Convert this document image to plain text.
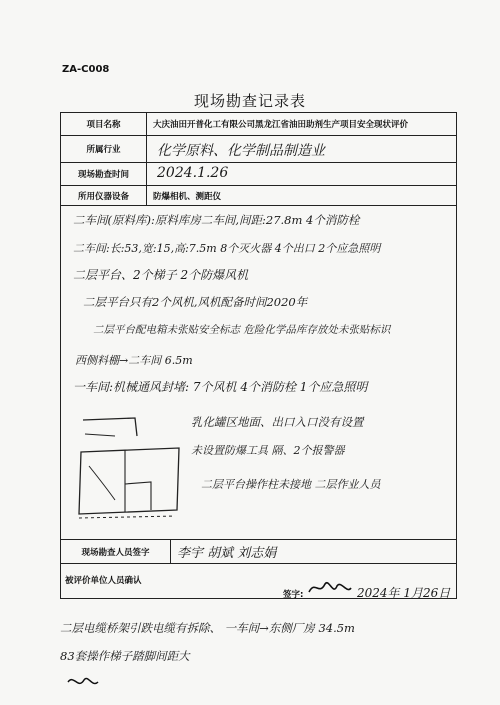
ZA-C008
现场勘查记录表
项目名称	大庆油田开普化工有限公司黑龙江省油田助剂生产项目安全现状评价
所属行业	化学原料、化学制品制造业
现场勘查时间	2024.1.26
所用仪器设备	防爆相机、测距仪
二车间(原料库):原料库房二车间,间距:27.8m 4个消防栓
二车间:长:53,宽:15,高:7.5m 8个灭火器 4个出口 2个应急照明
二层平台、2个梯子 2个防爆风机
二层平台只有2个风机,风机配备时间2020年
二层平台配电箱未张贴安全标志 危险化学品库存放处未张贴标识
西侧料棚→二车间 6.5m
一车间:机械通风封堵: 7个风机 4个消防栓 1个应急照明
乳化罐区地面、出口入口没有设置
未设置防爆工具 隔、2个报警器
二层平台操作柱未接地 二层作业人员
现场勘查人员签字	李宇 胡斌 刘志娟
被评价单位人员确认
签字:	2024年 1月26日
二层电缆桥架引跌电缆有拆除、 一车间→东侧厂房 34.5m
83套操作梯子踏脚间距大
